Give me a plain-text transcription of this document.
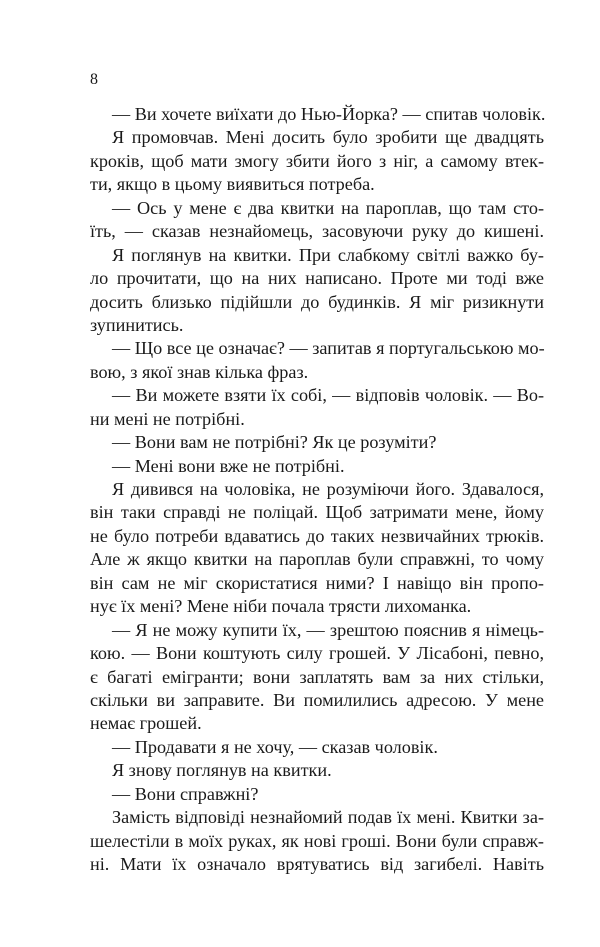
8
— Ви хочете виїхати до Нью-Йорка? — спитав чоловік.
Я промовчав. Мені досить було зробити ще двадцять
кроків, щоб мати змогу збити його з ніг, а самому втек-
ти, якщо в цьому виявиться потреба.
— Ось у мене є два квитки на пароплав, що там сто-
їть, — сказав незнайомець, засовуючи руку до кишені.
Я поглянув на квитки. При слабкому світлі важко бу-
ло прочитати, що на них написано. Проте ми тоді вже
досить близько підійшли до будинків. Я міг ризикнути
зупинитись.
— Що все це означає? — запитав я португальською мо-
вою, з якої знав кілька фраз.
— Ви можете взяти їх собі, — відповів чоловік. — Во-
ни мені не потрібні.
— Вони вам не потрібні? Як це розуміти?
— Мені вони вже не потрібні.
Я дивився на чоловіка, не розуміючи його. Здавалося,
він таки справді не поліцай. Щоб затримати мене, йому
не було потреби вдаватись до таких незвичайних трюків.
Але ж якщо квитки на пароплав були справжні, то чому
він сам не міг скористатися ними? І навіщо він пропо-
нує їх мені? Мене ніби почала трясти лихоманка.
— Я не можу купити їх, — зрештою пояснив я німець-
кою. — Вони коштують силу грошей. У Лісабоні, певно,
є багаті емігранти; вони заплатять вам за них стільки,
скільки ви заправите. Ви помилились адресою. У мене
немає грошей.
— Продавати я не хочу, — сказав чоловік.
Я знову поглянув на квитки.
— Вони справжні?
Замість відповіді незнайомий подав їх мені. Квитки за-
шелестіли в моїх руках, як нові гроші. Вони були справж-
ні. Мати їх означало врятуватись від загибелі. Навіть
